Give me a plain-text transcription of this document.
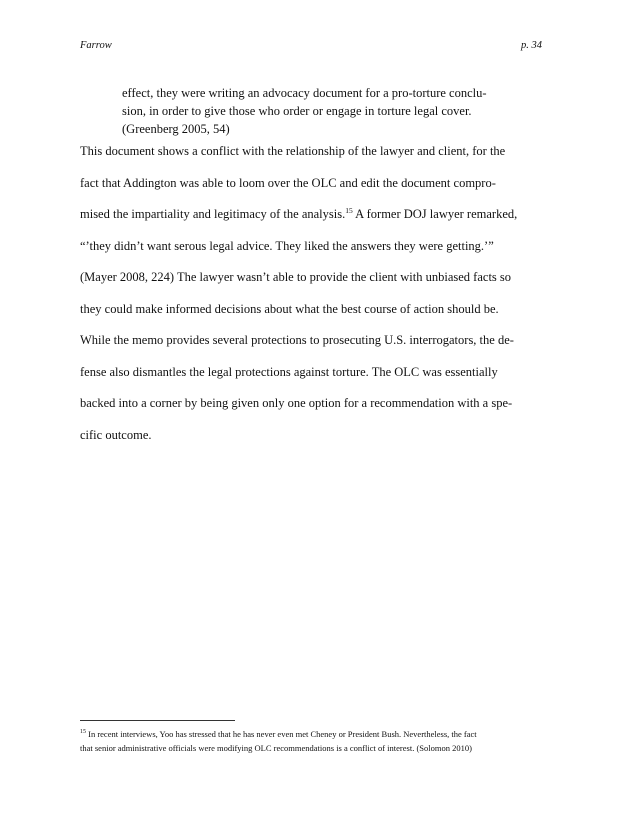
Farrow	p. 34
effect, they were writing an advocacy document for a pro-torture conclu-
sion, in order to give those who order or engage in torture legal cover.
(Greenberg 2005, 54)
This document shows a conflict with the relationship of the lawyer and client, for the
fact that Addington was able to loom over the OLC and edit the document compro-
mised the impartiality and legitimacy of the analysis.$^{15}$ A former DOJ lawyer remarked,
“’they didn’t want serous legal advice. They liked the answers they were getting.’”
(Mayer 2008, 224) The lawyer wasn’t able to provide the client with unbiased facts so
they could make informed decisions about what the best course of action should be.
While the memo provides several protections to prosecuting U.S. interrogators, the de-
fense also dismantles the legal protections against torture. The OLC was essentially
backed into a corner by being given only one option for a recommendation with a spe-
cific outcome.
$^{15}$ In recent interviews, Yoo has stressed that he has never even met Cheney or President Bush. Nevertheless, the fact
that senior administrative officials were modifying OLC recommendations is a conflict of interest. (Solomon 2010)
